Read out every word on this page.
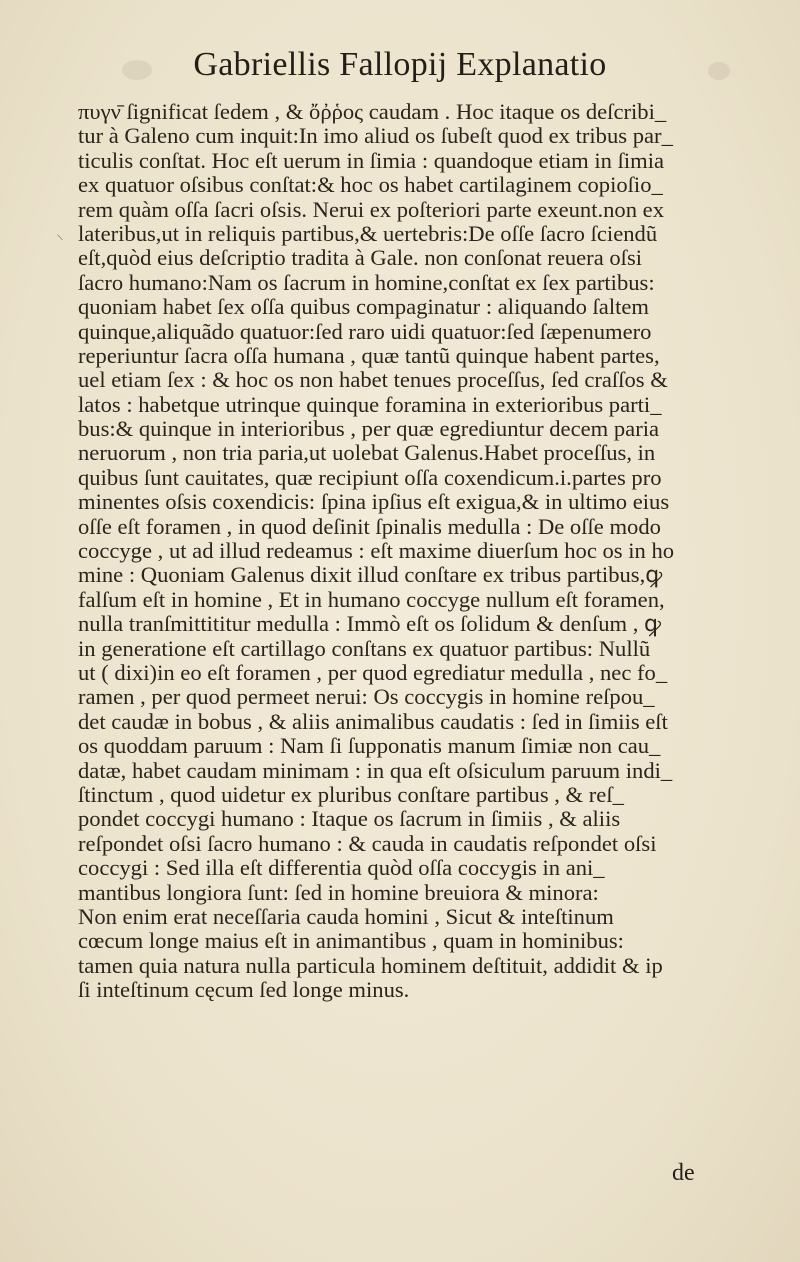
Gabriellis Fallopij Explanatio
⸜
πυγν̄ ſignificat ſedem , & ὄῤῥος caudam . Hoc itaque os deſcribi_
tur à Galeno cum inquit:In imo aliud os ſubeſt quod ex tribus par_
ticulis conſtat. Hoc eſt uerum in ſimia : quandoque etiam in ſimia
ex quatuor oſsibus conſtat:& hoc os habet cartilaginem copioſio_
rem quàm oſſa ſacri oſsis. Nerui ex poſteriori parte exeunt.non ex
lateribus,ut in reliquis partibus,& uertebris:De oſſe ſacro ſciendũ
eſt,quòd eius deſcriptio tradita à Gale. non conſonat reuera oſsi
ſacro humano:Nam os ſacrum in homine,conſtat ex ſex partibus:
quoniam habet ſex oſſa quibus compaginatur : aliquando ſaltem
quinque,aliquãdo quatuor:ſed raro uidi quatuor:ſed ſæpenumero
reperiuntur ſacra oſſa humana , quæ tantũ quinque habent partes,
uel etiam ſex : & hoc os non habet tenues proceſſus, ſed craſſos &
latos : habetque utrinque quinque foramina in exterioribus parti_
bus:& quinque in interioribus , per quæ egrediuntur decem paria
neruorum , non tria paria,ut uolebat Galenus.Habet proceſſus, in
quibus ſunt cauitates, quæ recipiunt oſſa coxendicum.i.partes pro
minentes oſsis coxendicis: ſpina ipſius eſt exigua,& in ultimo eius
oſſe eſt foramen , in quod deſinit ſpinalis medulla : De oſſe modo
coccyge , ut ad illud redeamus : eſt maxime diuerſum hoc os in ho
mine : Quoniam Galenus dixit illud conſtare ex tribus partibus,ꝙ
falſum eſt in homine , Et in humano coccyge nullum eſt foramen,
nulla tranſmittititur medulla : Immò eſt os ſolidum & denſum , ꝙ
in generatione eſt cartillago conſtans ex quatuor partibus: Nullũ
ut ( dixi)in eo eſt foramen , per quod egrediatur medulla , nec fo_
ramen , per quod permeet nerui: Os coccygis in homine reſpou_
det caudæ in bobus , & aliis animalibus caudatis : ſed in ſimiis eſt
os quoddam paruum : Nam ſi ſupponatis manum ſimiæ non cau_
datæ, habet caudam minimam : in qua eſt oſsiculum paruum indi_
ſtinctum , quod uidetur ex pluribus conſtare partibus , & reſ_
pondet coccygi humano : Itaque os ſacrum in ſimiis , & aliis
reſpondet oſsi ſacro humano : & cauda in caudatis reſpondet oſsi
coccygi : Sed illa eſt differentia quòd oſſa coccygis in ani_
mantibus longiora ſunt: ſed in homine breuiora & minora:
Non enim erat neceſſaria cauda homini , Sicut & inteſtinum
cœcum longe maius eſt in animantibus , quam in hominibus:
tamen quia natura nulla particula hominem deſtituit, addidit & ip
ſi inteſtinum cęcum ſed longe minus.
de
